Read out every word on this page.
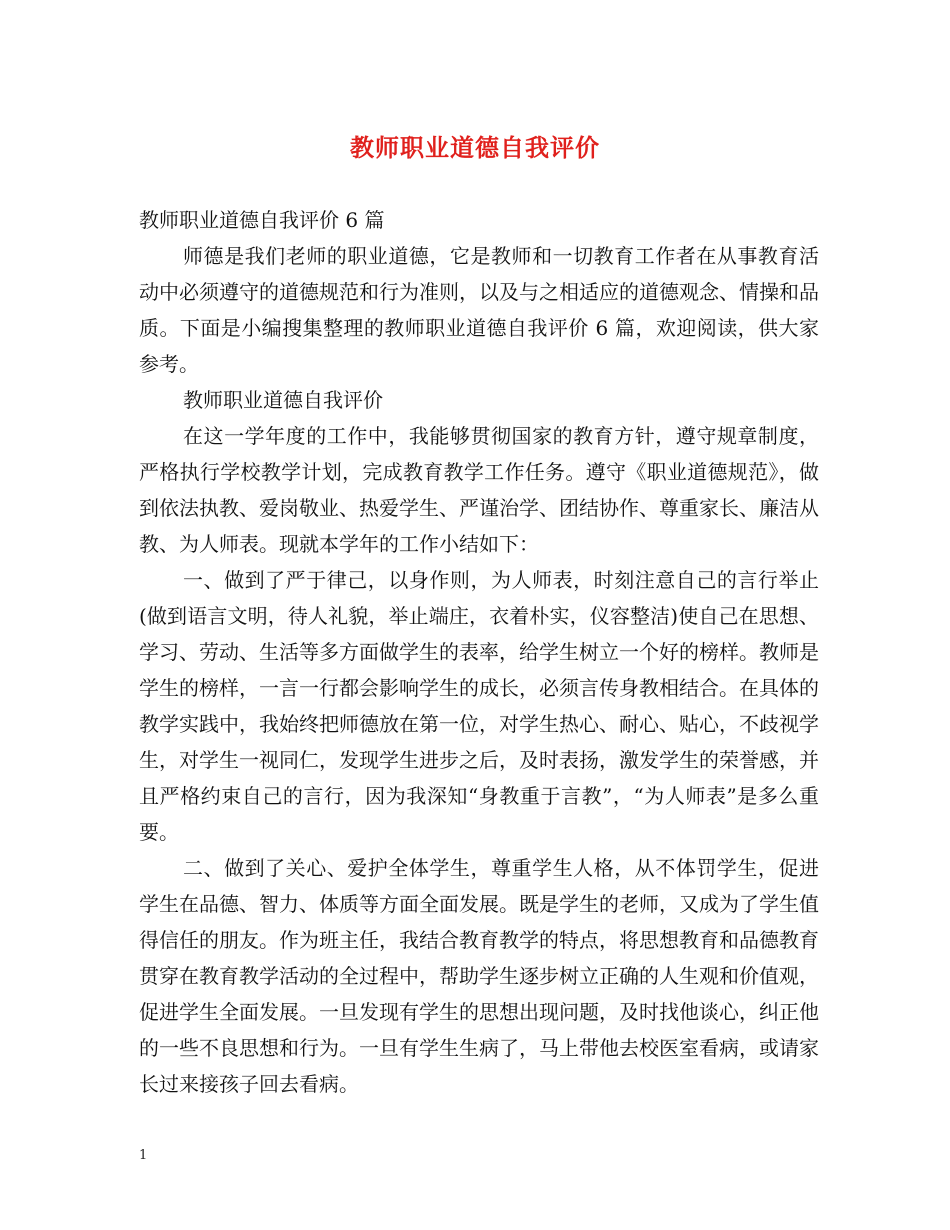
教师职业道德自我评价

教师职业道德自我评价 6 篇

师德是我们老师的职业道德，它是教师和一切教育工作者在从事教育活动中必须遵守的道德规范和行为准则，以及与之相适应的道德观念、情操和品质。下面是小编搜集整理的教师职业道德自我评价 6 篇，欢迎阅读，供大家参考。

教师职业道德自我评价

在这一学年度的工作中，我能够贯彻国家的教育方针，遵守规章制度，严格执行学校教学计划，完成教育教学工作任务。遵守《职业道德规范》，做到依法执教、爱岗敬业、热爱学生、严谨治学、团结协作、尊重家长、廉洁从教、为人师表。现就本学年的工作小结如下：

一、做到了严于律己，以身作则，为人师表，时刻注意自己的言行举止(做到语言文明，待人礼貌，举止端庄，衣着朴实，仪容整洁)使自己在思想、学习、劳动、生活等多方面做学生的表率，给学生树立一个好的榜样。教师是学生的榜样，一言一行都会影响学生的成长，必须言传身教相结合。在具体的教学实践中，我始终把师德放在第一位，对学生热心、耐心、贴心，不歧视学生，对学生一视同仁，发现学生进步之后，及时表扬，激发学生的荣誉感，并且严格约束自己的言行，因为我深知“身教重于言教”，“为人师表”是多么重要。

二、做到了关心、爱护全体学生，尊重学生人格，从不体罚学生，促进学生在品德、智力、体质等方面全面发展。既是学生的老师，又成为了学生值得信任的朋友。作为班主任，我结合教育教学的特点，将思想教育和品德教育贯穿在教育教学活动的全过程中，帮助学生逐步树立正确的人生观和价值观，促进学生全面发展。一旦发现有学生的思想出现问题，及时找他谈心，纠正他的一些不良思想和行为。一旦有学生生病了，马上带他去校医室看病，或请家长过来接孩子回去看病。

1
